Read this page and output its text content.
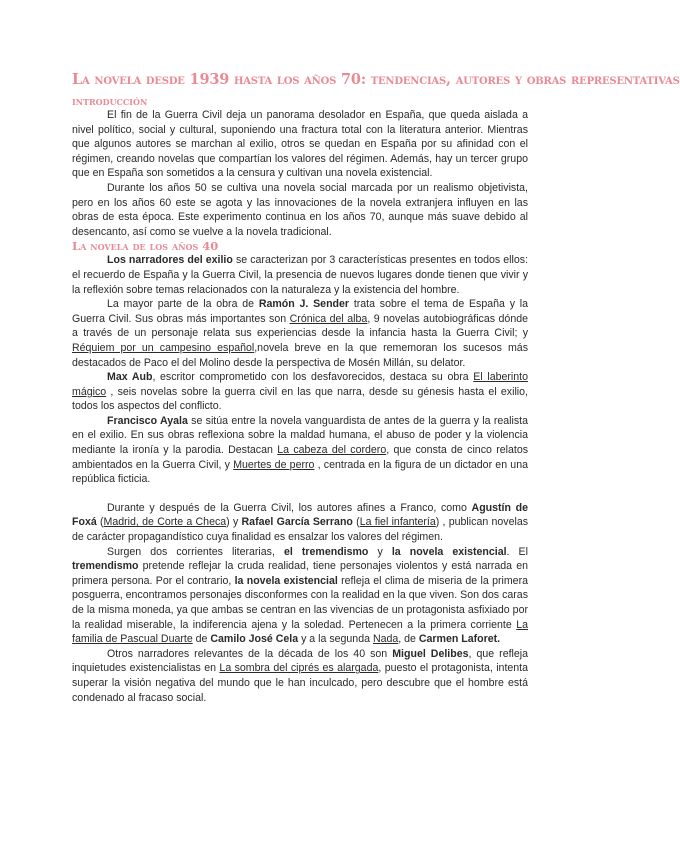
La novela desde 1939 hasta los años 70: tendencias, autores y obras representativas
introducción

El fin de la Guerra Civil deja un panorama desolador en España, que queda aislada a nivel político, social y cultural, suponiendo una fractura total con la literatura anterior. Mientras que algunos autores se marchan al exilio, otros se quedan en España por su afinidad con el régimen, creando novelas que compartían los valores del régimen. Además, hay un tercer grupo que en España son sometidos a la censura y cultivan una novela existencial.

Durante los años 50 se cultiva una novela social marcada por un realismo objetivista, pero en los años 60 este se agota y las innovaciones de la novela extranjera influyen en las obras de esta época. Este experimento continua en los años 70, aunque más suave debido al desencanto, así como se vuelve a la novela tradicional.

La novela de los años 40

Los narradores del exilio se caracterizan por 3 características presentes en todos ellos: el recuerdo de España y la Guerra Civil, la presencia de nuevos lugares donde tienen que vivir y la reflexión sobre temas relacionados con la naturaleza y la existencia del hombre.

La mayor parte de la obra de Ramón J. Sender trata sobre el tema de España y la Guerra Civil. Sus obras más importantes son Crónica del alba, 9 novelas autobiográficas dónde a través de un personaje relata sus experiencias desde la infancia hasta la Guerra Civil; y Réquiem por un campesino español,novela breve en la que rememoran los sucesos más destacados de Paco el del Molino desde la perspectiva de Mosén Millán, su delator.

Max Aub, escritor comprometido con los desfavorecidos, destaca su obra El laberinto mágico , seis novelas sobre la guerra civil en las que narra, desde su génesis hasta el exilio, todos los aspectos del conflicto.

Francisco Ayala se sitúa entre la novela vanguardista de antes de la guerra y la realista en el exilio. En sus obras reflexiona sobre la maldad humana, el abuso de poder y la violencia mediante la ironía y la parodia. Destacan La cabeza del cordero, que consta de cinco relatos ambientados en la Guerra Civil, y Muertes de perro , centrada en la figura de un dictador en una república ficticia.

Durante y después de la Guerra Civil, los autores afines a Franco, como Agustín de Foxá (Madrid, de Corte a Checa) y Rafael García Serrano (La fiel infantería) , publican novelas de carácter propagandístico cuya finalidad es ensalzar los valores del régimen.

Surgen dos corrientes literarias, el tremendismo y la novela existencial. El tremendismo pretende reflejar la cruda realidad, tiene personajes violentos y está narrada en primera persona. Por el contrario, la novela existencial refleja el clima de miseria de la primera posguerra, encontramos personajes disconformes con la realidad en la que viven. Son dos caras de la misma moneda, ya que ambas se centran en las vivencias de un protagonista asfixiado por la realidad miserable, la indiferencia ajena y la soledad. Pertenecen a la primera corriente La familia de Pascual Duarte de Camilo José Cela y a la segunda Nada, de Carmen Laforet.

Otros narradores relevantes de la década de los 40 son Miguel Delibes, que refleja inquietudes existencialistas en La sombra del ciprés es alargada, puesto el protagonista, intenta superar la visión negativa del mundo que le han inculcado, pero descubre que el hombre está condenado al fracaso social.
